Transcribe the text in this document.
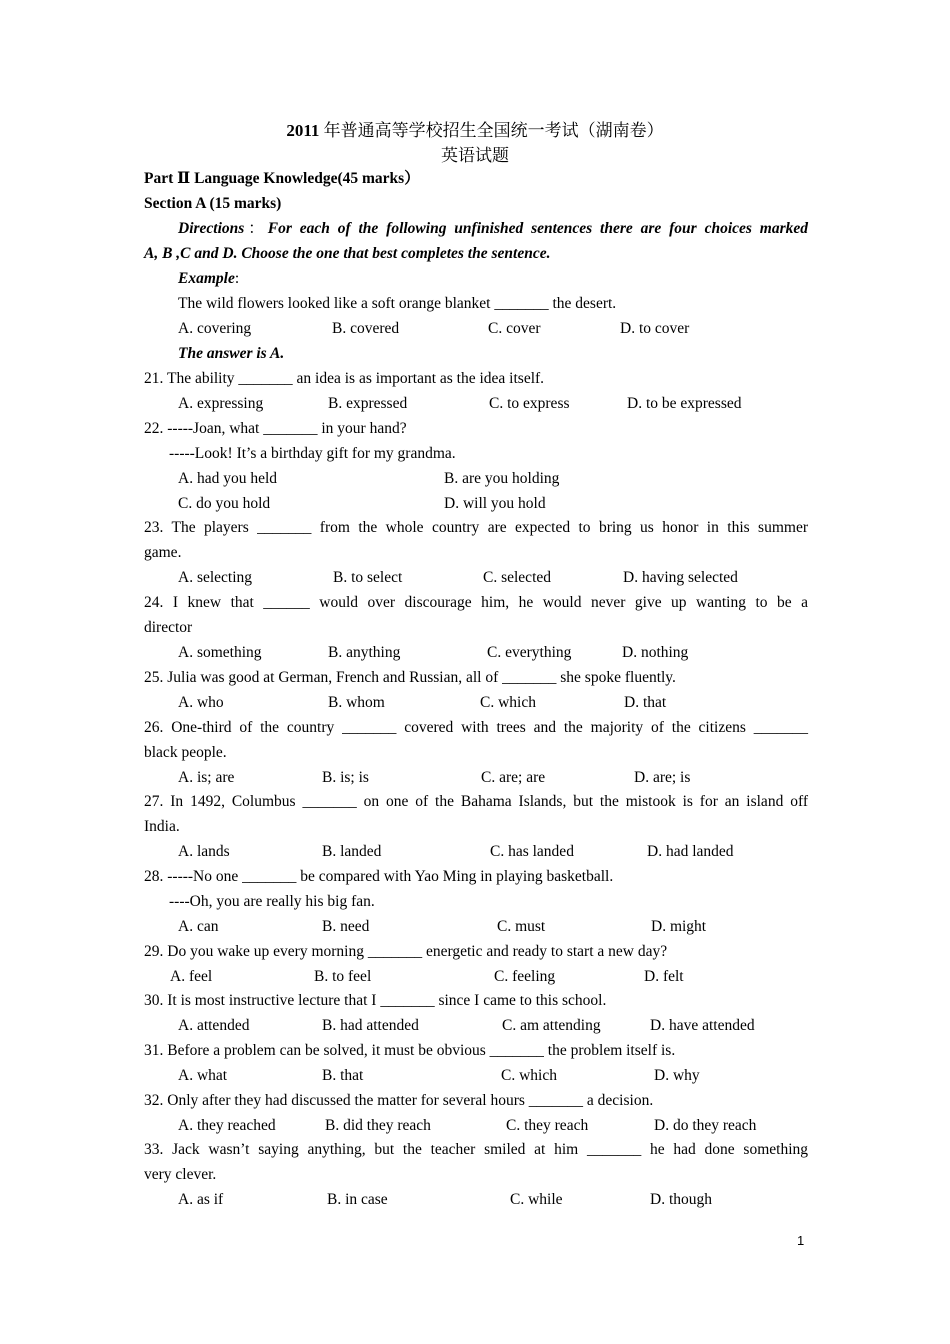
2011 年普通高等学校招生全国统一考试（湖南卷）
英语试题
Part Ⅱ Language Knowledge(45 marks）
Section A (15 marks)
Directions：For each of the following unfinished sentences there are four choices marked
A, B ,C and D. Choose the one that best completes the sentence.
Example:
The wild flowers looked like a soft orange blanket _______ the desert.
A. covering	B. covered	C. cover	D. to cover
The answer is A.
21. The ability _______ an idea is as important as the idea itself.
A. expressing	B. expressed	C. to express	D. to be expressed
22. -----Joan, what _______ in your hand?
-----Look! It’s a birthday gift for my grandma.
A. had you held	B. are you holding
C. do you hold	D. will you hold
23. The players _______ from the whole country are expected to bring us honor in this summer
game.
A. selecting	B. to select	C. selected	D. having selected
24. I knew that ______ would over discourage him, he would never give up wanting to be a
director
A. something	B. anything	C. everything	D. nothing
25. Julia was good at German, French and Russian, all of _______ she spoke fluently.
A. who	B. whom	C. which	D. that
26. One-third of the country _______ covered with trees and the majority of the citizens _______
black people.
A. is; are	B. is; is	C. are; are	D. are; is
27. In 1492, Columbus _______ on one of the Bahama Islands, but the mistook is for an island off
India.
A. lands	B. landed	C. has landed	D. had landed
28. -----No one _______ be compared with Yao Ming in playing basketball.
----Oh, you are really his big fan.
A. can	B. need	C. must	D. might
29. Do you wake up every morning _______ energetic and ready to start a new day?
A. feel	B. to feel	C. feeling	D. felt
30. It is most instructive lecture that I _______ since I came to this school.
A. attended	B. had attended	C. am attending	D. have attended
31. Before a problem can be solved, it must be obvious _______ the problem itself is.
A. what	B. that	C. which	D. why
32. Only after they had discussed the matter for several hours _______ a decision.
A. they reached	B. did they reach	C. they reach	D. do they reach
33. Jack wasn’t saying anything, but the teacher smiled at him _______ he had done something
very clever.
A. as if	B. in case	C. while	D. though
1
